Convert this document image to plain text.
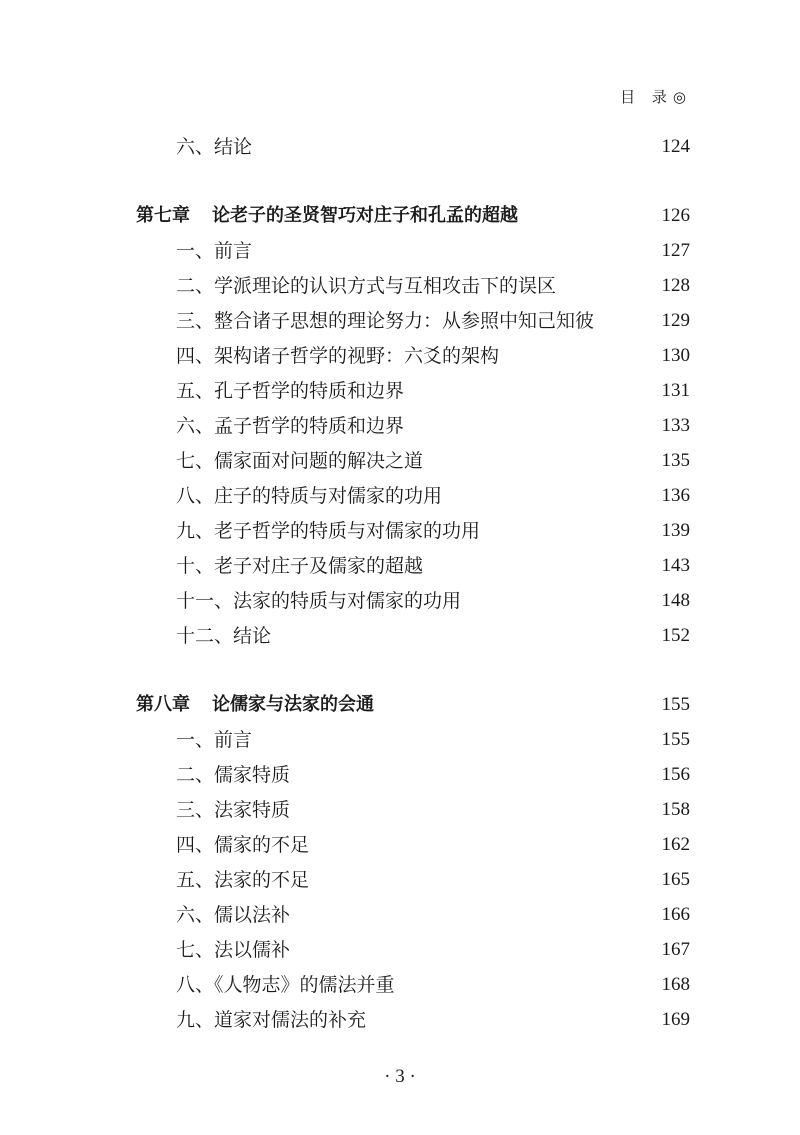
目 录◎
六、结论	124
第七章 论老子的圣贤智巧对庄子和孔孟的超越	126
一、前言	127
二、学派理论的认识方式与互相攻击下的误区	128
三、整合诸子思想的理论努力：从参照中知己知彼	129
四、架构诸子哲学的视野：六爻的架构	130
五、孔子哲学的特质和边界	131
六、孟子哲学的特质和边界	133
七、儒家面对问题的解决之道	135
八、庄子的特质与对儒家的功用	136
九、老子哲学的特质与对儒家的功用	139
十、老子对庄子及儒家的超越	143
十一、法家的特质与对儒家的功用	148
十二、结论	152
第八章 论儒家与法家的会通	155
一、前言	155
二、儒家特质	156
三、法家特质	158
四、儒家的不足	162
五、法家的不足	165
六、儒以法补	166
七、法以儒补	167
八、《人物志》的儒法并重	168
九、道家对儒法的补充	169
· 3 ·
